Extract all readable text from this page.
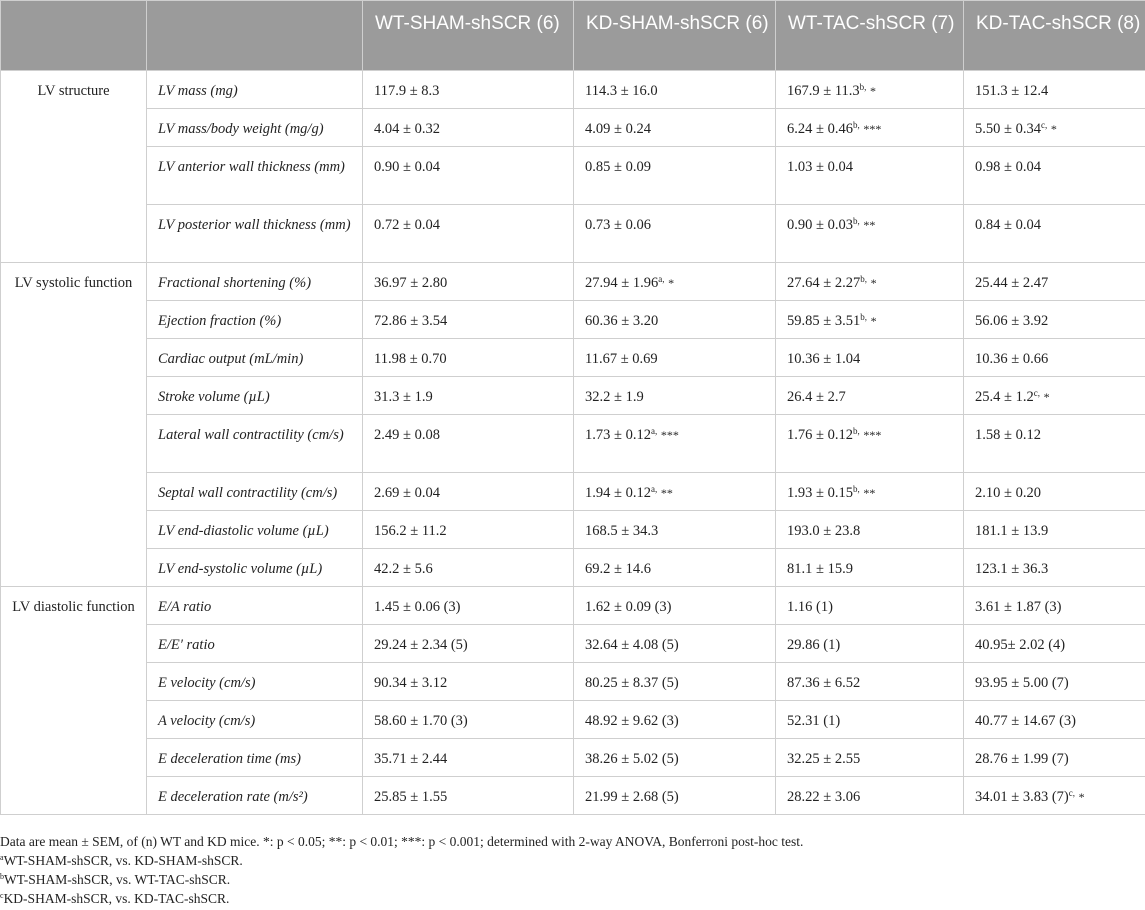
		WT-SHAM-shSCR (6)	KD-SHAM-shSCR (6)	WT-TAC-shSCR (7)	KD-TAC-shSCR (8)
LV structure	LV mass (mg)	117.9 ± 8.3	114.3 ± 16.0	$167.9 \pm 11.3^{b,}$ *	151.3 ± 12.4
	LV mass/body weight (mg/g)	4.04 ± 0.32	4.09 ± 0.24	$6.24 \pm 0.46^{b,}$ ***	$5.50 \pm 0.34^{c,}$ *
	LV anterior wall thickness (mm)	0.90 ± 0.04	0.85 ± 0.09	1.03 ± 0.04	0.98 ± 0.04
	LV posterior wall thickness (mm)	0.72 ± 0.04	0.73 ± 0.06	$0.90 \pm 0.03^{b,}$ **	0.84 ± 0.04
LV systolic function	Fractional shortening (%)	36.97 ± 2.80	$27.94 \pm 1.96^{a,}$ *	$27.64 \pm 2.27^{b,}$ *	25.44 ± 2.47
	Ejection fraction (%)	72.86 ± 3.54	60.36 ± 3.20	$59.85 \pm 3.51^{b,}$ *	56.06 ± 3.92
	Cardiac output (mL/min)	11.98 ± 0.70	11.67 ± 0.69	10.36 ± 1.04	10.36 ± 0.66
	Stroke volume (µL)	31.3 ± 1.9	32.2 ± 1.9	26.4 ± 2.7	$25.4 \pm 1.2^{c,}$ *
	Lateral wall contractility (cm/s)	2.49 ± 0.08	$1.73 \pm 0.12^{a,}$ ***	$1.76 \pm 0.12^{b,}$ ***	1.58 ± 0.12
	Septal wall contractility (cm/s)	2.69 ± 0.04	$1.94 \pm 0.12^{a,}$ **	$1.93 \pm 0.15^{b,}$ **	2.10 ± 0.20
	LV end-diastolic volume (µL)	156.2 ± 11.2	168.5 ± 34.3	193.0 ± 23.8	181.1 ± 13.9
	LV end-systolic volume (µL)	42.2 ± 5.6	69.2 ± 14.6	81.1 ± 15.9	123.1 ± 36.3
LV diastolic function	E/A ratio	1.45 ± 0.06 (3)	1.62 ± 0.09 (3)	1.16 (1)	3.61 ± 1.87 (3)
	E/E′ ratio	29.24 ± 2.34 (5)	32.64 ± 4.08 (5)	29.86 (1)	40.95± 2.02 (4)
	E velocity (cm/s)	90.34 ± 3.12	80.25 ± 8.37 (5)	87.36 ± 6.52	93.95 ± 5.00 (7)
	A velocity (cm/s)	58.60 ± 1.70 (3)	48.92 ± 9.62 (3)	52.31 (1)	40.77 ± 14.67 (3)
	E deceleration time (ms)	35.71 ± 2.44	38.26 ± 5.02 (5)	32.25 ± 2.55	28.76 ± 1.99 (7)
	E deceleration rate (m/s²)	25.85 ± 1.55	21.99 ± 2.68 (5)	28.22 ± 3.06	34.01 ± 3.83 $(7)^{c,}$ *
Data are mean ± SEM, of (n) WT and KD mice. *: p < 0.05; **: p < 0.01; ***: p < 0.001; determined with 2-way ANOVA, Bonferroni post-hoc test.
$^a$WT-SHAM-shSCR, vs. KD-SHAM-shSCR.
$^b$WT-SHAM-shSCR, vs. WT-TAC-shSCR.
$^c$KD-SHAM-shSCR, vs. KD-TAC-shSCR.
